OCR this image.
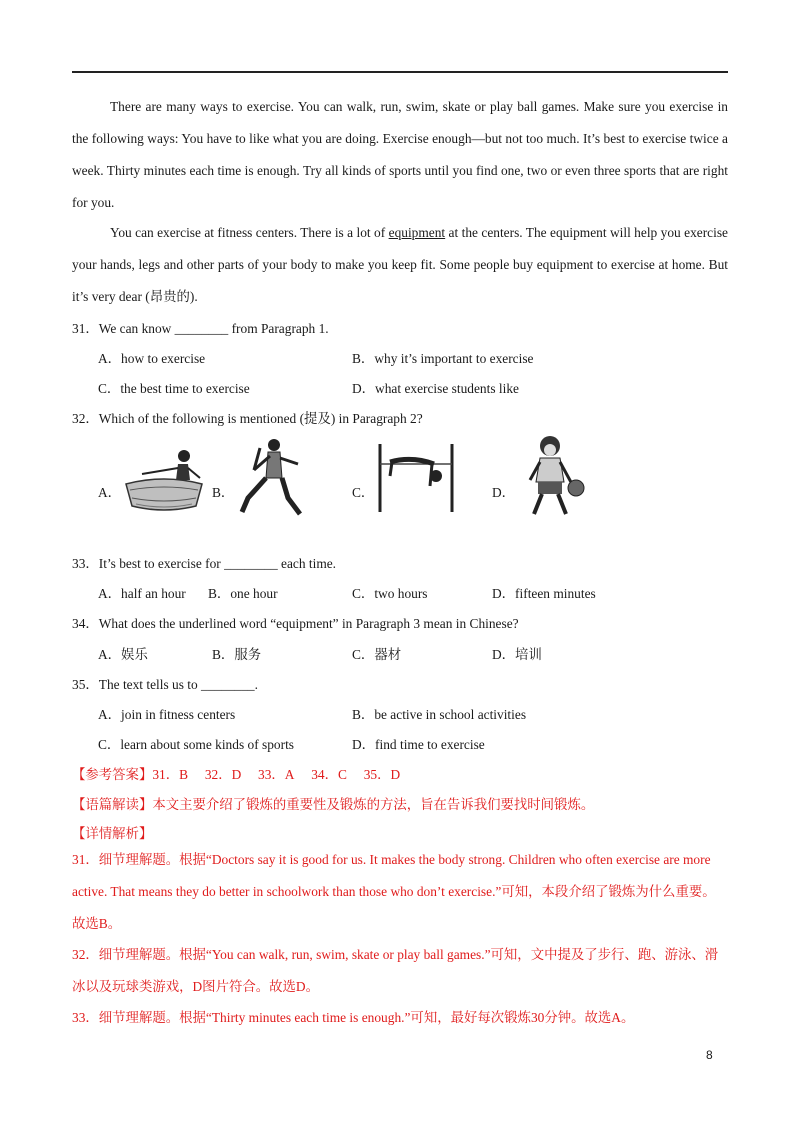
There are many ways to exercise. You can walk, run, swim, skate or play ball games. Make sure you exercise in the following ways: You have to like what you are doing. Exercise enough—but not too much. It’s best to exercise twice a week. Thirty minutes each time is enough. Try all kinds of sports until you find one, two or even three sports that are right for you.
You can exercise at fitness centers. There is a lot of equipment at the centers. The equipment will help you exercise your hands, legs and other parts of your body to make you keep fit. Some people buy equipment to exercise at home. But it’s very dear (昂贵的).
31．We can know ________ from Paragraph 1.
A．how to exercise	B．why it’s important to exercise
C．the best time to exercise	D．what exercise students like
32．Which of the following is mentioned (提及) in Paragraph 2?
A．	B．	C．	D．
33．It’s best to exercise for ________ each time.
A．half an hour B．one hour	C．two hours	D．fifteen minutes
34．What does the underlined word “equipment” in Paragraph 3 mean in Chinese?
A．娱乐	B．服务	C．器材	D．培训
35．The text tells us to ________.
A．join in fitness centers	B．be active in school activities
C．learn about some kinds of sports	D．find time to exercise
【参考答案】31．B 32．D 33．A 34．C 35．D
【语篇解读】本文主要介绍了锻炼的重要性及锻炼的方法，旨在告诉我们要找时间锻炼。
【详情解析】
31．细节理解题。根据“Doctors say it is good for us. It makes the body strong. Children who often exercise are more active. That means they do better in schoolwork than those who don’t exercise.”可知，本段介绍了锻炼为什么重要。故选B。
32．细节理解题。根据“You can walk, run, swim, skate or play ball games.”可知，文中提及了步行、跑、游泳、滑冰以及玩球类游戏，D图片符合。故选D。
33．细节理解题。根据“Thirty minutes each time is enough.”可知，最好每次锻炼30分钟。故选A。
8
